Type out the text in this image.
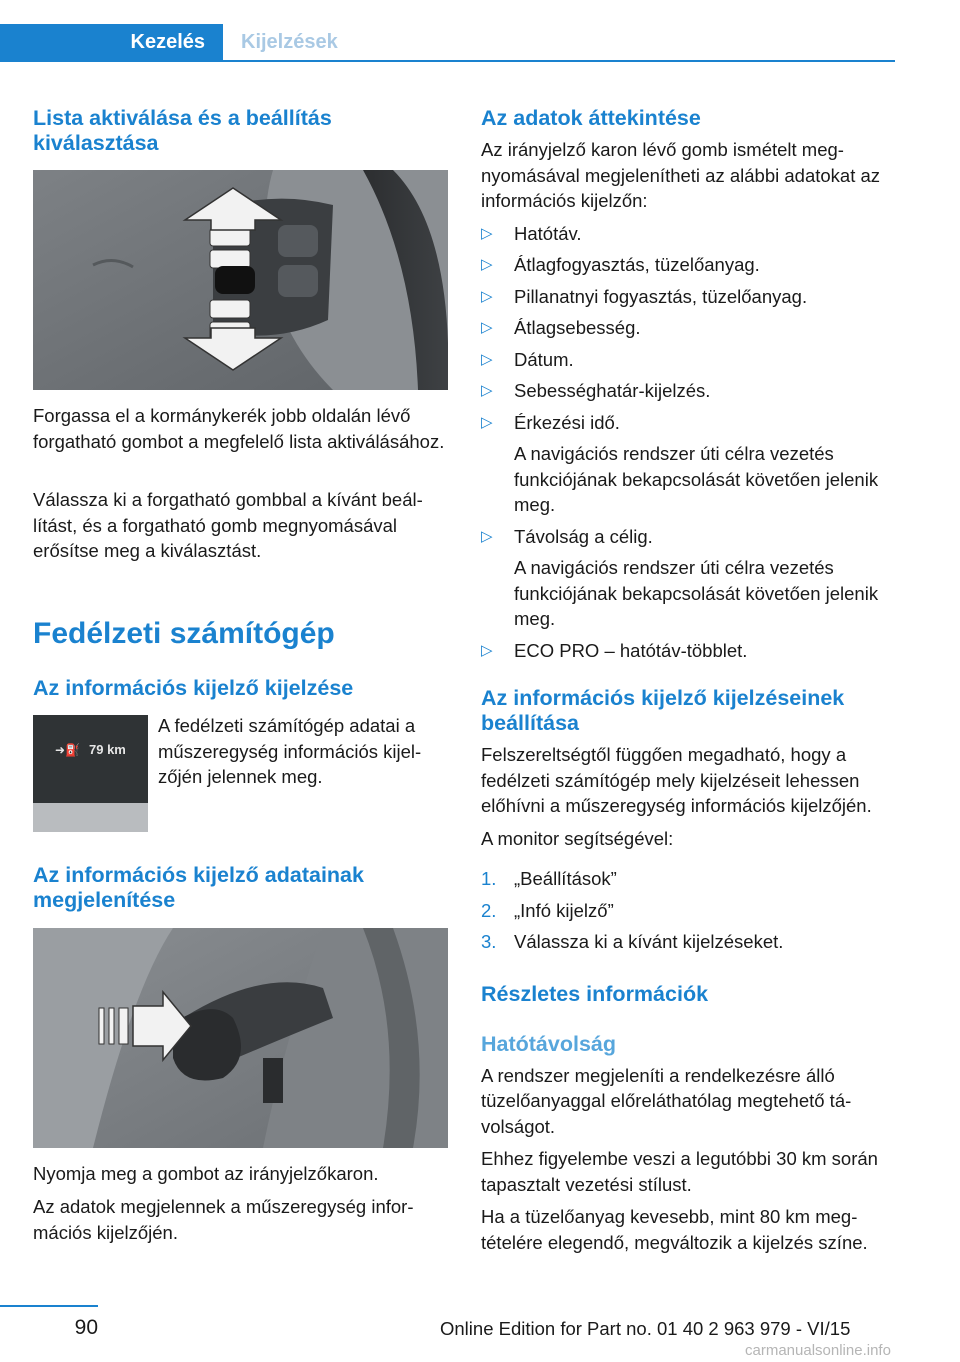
Kezelés	Kijelzések
Lista aktiválása és a beállítás kiválasztása

Forgassa el a kormánykerék jobb oldalán lévő forgatható gombot a megfelelő lista aktiválásához.

Válassza ki a forgatható gombbal a kívánt beállítást, és a forgatható gomb megnyomásával erősítse meg a kiválasztást.

Fedélzeti számítógép
Az információs kijelző kijelzése
➜⛽ 79 km

A fedélzeti számítógép adatai a műszeregység információs kijelzőjén jelennek meg.

Az információs kijelző adatainak megjelenítése

Nyomja meg a gombot az irányjelzőkaron.

Az adatok megjelennek a műszeregység információs kijelzőjén.

Az adatok áttekintése

Az irányjelző karon lévő gomb ismételt megnyomásával megjelenítheti az alábbi adatokat az információs kijelzőn:

▷ Hatótáv.
▷ Átlagfogyasztás, tüzelőanyag.
▷ Pillanatnyi fogyasztás, tüzelőanyag.
▷ Átlagsebesség.
▷ Dátum.
▷ Sebességhatár-kijelzés.
▷ Érkezési idő.
A navigációs rendszer úti célra vezetés funkciójának bekapcsolását követően jelenik meg.
▷ Távolság a célig.
A navigációs rendszer úti célra vezetés funkciójának bekapcsolását követően jelenik meg.
▷ ECO PRO – hatótáv-többlet.
Az információs kijelző kijelzéseinek beállítása

Felszereltségtől függően megadható, hogy a fedélzeti számítógép mely kijelzéseit lehessen előhívni a műszeregység információs kijelzőjén.

A monitor segítségével:

1. „Beállítások”
2. „Infó kijelző”
3. Válassza ki a kívánt kijelzéseket.
Részletes információk
Hatótávolság

A rendszer megjeleníti a rendelkezésre álló tüzelőanyaggal előreláthatólag megtehető távolságot.

Ehhez figyelembe veszi a legutóbbi 30 km során tapasztalt vezetési stílust.

Ha a tüzelőanyag kevesebb, mint 80 km megtételére elegendő, megváltozik a kijelzés színe.

90	Online Edition for Part no. 01 40 2 963 979 - VI/15
carmanualsonline.info
